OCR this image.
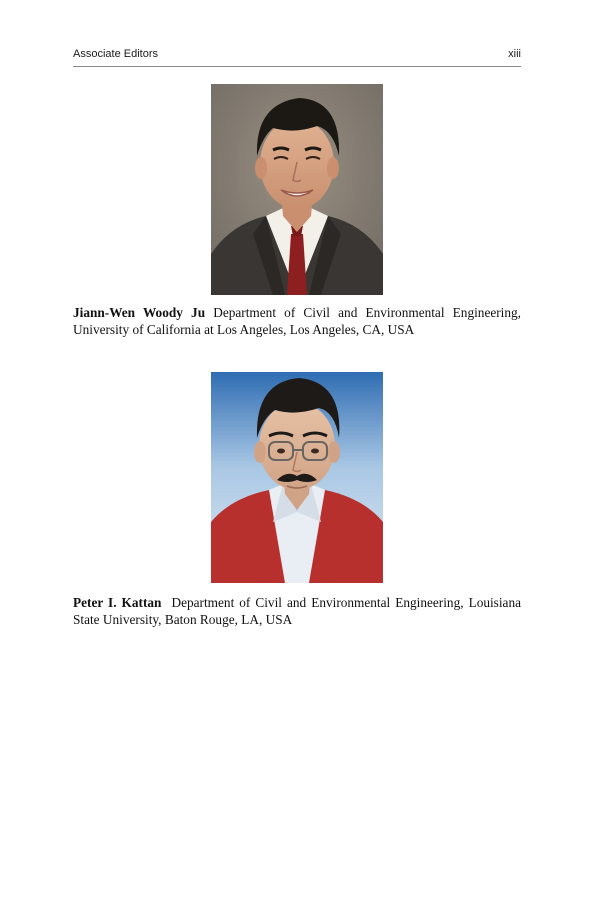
Associate Editors	xiii
Jiann-Wen Woody Ju Department of Civil and Environmental Engineering, University of California at Los Angeles, Los Angeles, CA, USA
Peter I. Kattan Department of Civil and Environmental Engineering, Louisiana State University, Baton Rouge, LA, USA
